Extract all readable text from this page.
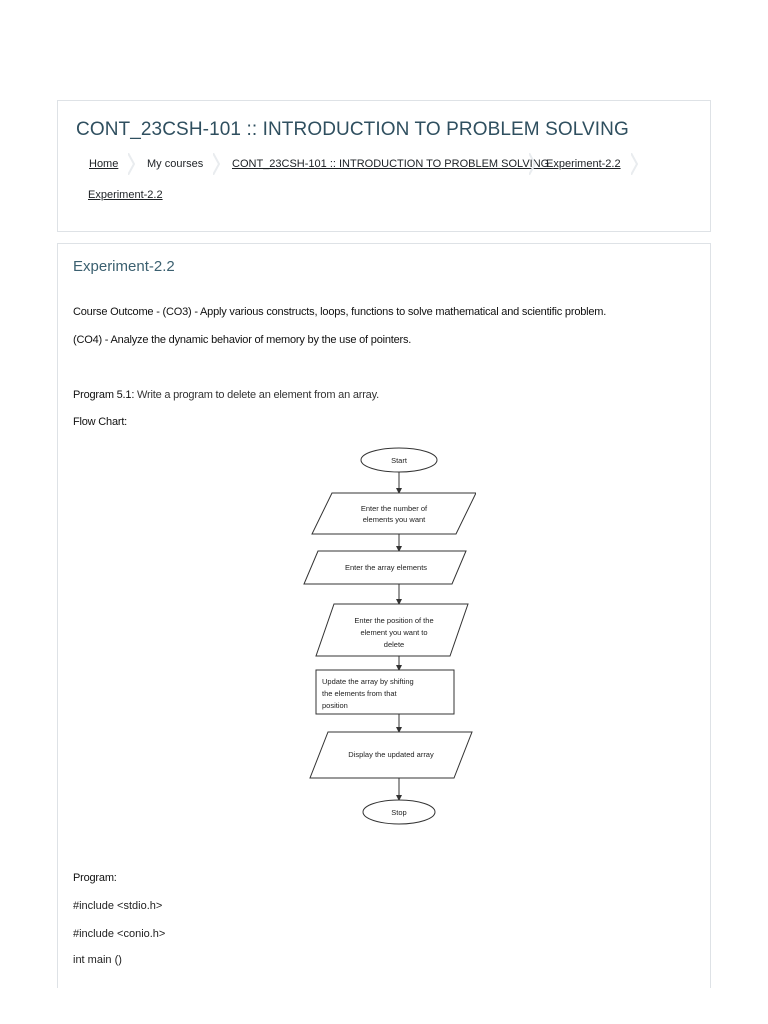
CONT_23CSH-101 :: INTRODUCTION TO PROBLEM SOLVING
Home	My courses	CONT_23CSH-101 :: INTRODUCTION TO PROBLEM SOLVING
Experiment-2.2
Experiment-2.2
Experiment-2.2
Course Outcome - (CO3) - Apply various constructs, loops, functions to solve mathematical and scientific problem.
(CO4) - Analyze the dynamic behavior of memory by the use of pointers.
Program 5.1: Write a program to delete an element from an array.
Flow Chart:
Start
Enter the number of
elements you want
Enter the array elements
Enter the position of the
element you want to
delete
Update the array by shifting
the elements from that
position
Display the updated array
Stop
Program:
#include <stdio.h>
#include <conio.h>
int main ()
